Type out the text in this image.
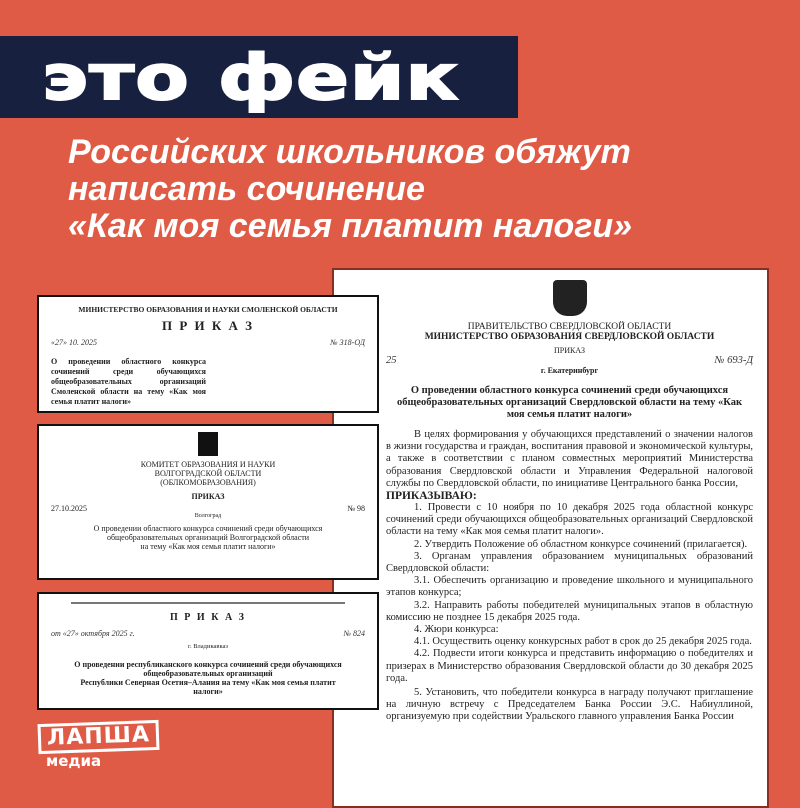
это фейк
Российских школьников обяжут
написать сочинение
«Как моя семья платит налоги»
МИНИСТЕРСТВО ОБРАЗОВАНИЯ И НАУКИ СМОЛЕНСКОЙ ОБЛАСТИ
П Р И К А З
«27» 10. 2025	№ 318-ОД
О проведении областного конкурса сочинений среди обучающихся общеобразовательных организаций Смоленской области на тему «Как моя семья платит налоги»
КОМИТЕТ ОБРАЗОВАНИЯ И НАУКИ
ВОЛГОГРАДСКОЙ ОБЛАСТИ
(ОБЛКОМОБРАЗОВАНИЯ)
ПРИКАЗ
27.10.2025	№ 98
Волгоград
О проведении областного конкурса сочинений среди обучающихся
общеобразовательных организаций Волгоградской области
на тему «Как моя семья платит налоги»
П Р И К А З
от «27» октября 2025 г.	№ 824
г. Владикавказ
О проведении республиканского конкурса сочинений среди обучающихся
общеобразовательных организаций
Республики Северная Осетия–Алания на тему «Как моя семья платит
налоги»
ПРАВИТЕЛЬСТВО СВЕРДЛОВСКОЙ ОБЛАСТИ
МИНИСТЕРСТВО ОБРАЗОВАНИЯ СВЕРДЛОВСКОЙ ОБЛАСТИ
ПРИКАЗ
25	№ 693-Д
г. Екатеринбург
О проведении областного конкурса сочинений среди обучающихся общеобразовательных организаций Свердловской области на тему «Как моя семья платит налоги»
В целях формирования у обучающихся представлений о значении налогов в жизни государства и граждан, воспитания правовой и экономической культуры, а также в соответствии с планом совместных мероприятий Министерства образования Свердловской области и Управления Федеральной налоговой службы по Свердловской области, по инициативе Центрального банка России,
ПРИКАЗЫВАЮ:
1. Провести с 10 ноября по 10 декабря 2025 года областной конкурс сочинений среди обучающихся общеобразовательных организаций Свердловской области на тему «Как моя семья платит налоги».
2. Утвердить Положение об областном конкурсе сочинений (прилагается).
3. Органам управления образованием муниципальных образований Свердловской области:
3.1. Обеспечить организацию и проведение школьного и муниципального этапов конкурса;
3.2. Направить работы победителей муниципальных этапов в областную комиссию не позднее 15 декабря 2025 года.
4. Жюри конкурса:
4.1. Осуществить оценку конкурсных работ в срок до 25 декабря 2025 года.
4.2. Подвести итоги конкурса и представить информацию о победителях и призерах в Министерство образования Свердловской области до 30 декабря 2025 года.
5. Установить, что победители конкурса в награду получают приглашение на личную встречу с Председателем Банка России Э.С. Набиуллиной, организуемую при содействии Уральского главного управления Банка России
ЛАПША
медиа
